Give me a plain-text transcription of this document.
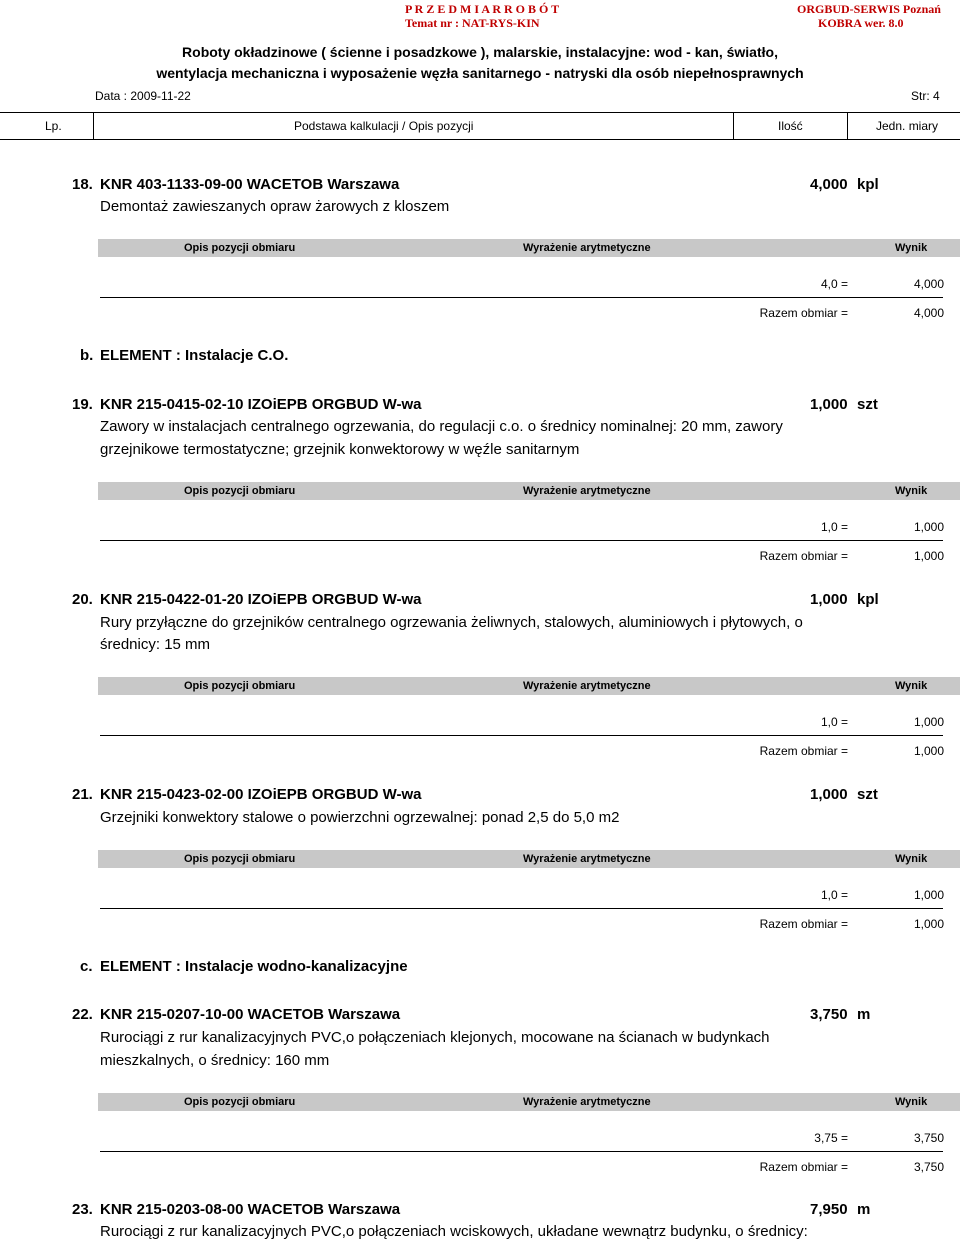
P R Z E D M I A R R O B Ó T
Temat nr : NAT-RYS-KIN
ORGBUD-SERWIS Poznań
KOBRA wer. 8.0
Roboty okładzinowe ( ścienne i posadzkowe ), malarskie, instalacyjne: wod - kan, światło,
wentylacja mechaniczna i wyposażenie węzła sanitarnego - natryski dla osób niepełnosprawnych
Data : 2009-11-22	Str: 4
Lp.	Podstawa kalkulacji / Opis pozycji	Ilość	Jedn. miary
18. KNR 403-1133-09-00 WACETOB Warszawa	4,000 kpl
Demontaż zawieszanych opraw żarowych z kloszem
Opis pozycji obmiaru	Wyrażenie arytmetyczne	Wynik
4,0 =	4,000
Razem obmiar =	4,000
b. ELEMENT : Instalacje C.O.
19. KNR 215-0415-02-10 IZOiEPB ORGBUD W-wa	1,000 szt
Zawory w instalacjach centralnego ogrzewania, do regulacji c.o. o średnicy nominalnej: 20 mm, zawory
grzejnikowe termostatyczne; grzejnik konwektorowy w węźle sanitarnym
Opis pozycji obmiaru	Wyrażenie arytmetyczne	Wynik
1,0 =	1,000
Razem obmiar =	1,000
20. KNR 215-0422-01-20 IZOiEPB ORGBUD W-wa	1,000 kpl
Rury przyłączne do grzejników centralnego ogrzewania żeliwnych, stalowych, aluminiowych i płytowych, o
średnicy: 15 mm
Opis pozycji obmiaru	Wyrażenie arytmetyczne	Wynik
1,0 =	1,000
Razem obmiar =	1,000
21. KNR 215-0423-02-00 IZOiEPB ORGBUD W-wa	1,000 szt
Grzejniki konwektory stalowe o powierzchni ogrzewalnej: ponad 2,5 do 5,0 m2
Opis pozycji obmiaru	Wyrażenie arytmetyczne	Wynik
1,0 =	1,000
Razem obmiar =	1,000
c. ELEMENT : Instalacje wodno-kanalizacyjne
22. KNR 215-0207-10-00 WACETOB Warszawa	3,750 m
Rurociągi z rur kanalizacyjnych PVC,o połączeniach klejonych, mocowane na ścianach w budynkach
mieszkalnych, o średnicy: 160 mm
Opis pozycji obmiaru	Wyrażenie arytmetyczne	Wynik
3,75 =	3,750
Razem obmiar =	3,750
23. KNR 215-0203-08-00 WACETOB Warszawa	7,950 m
Rurociągi z rur kanalizacyjnych PVC,o połączeniach wciskowych, układane wewnątrz budynku, o średnicy:
